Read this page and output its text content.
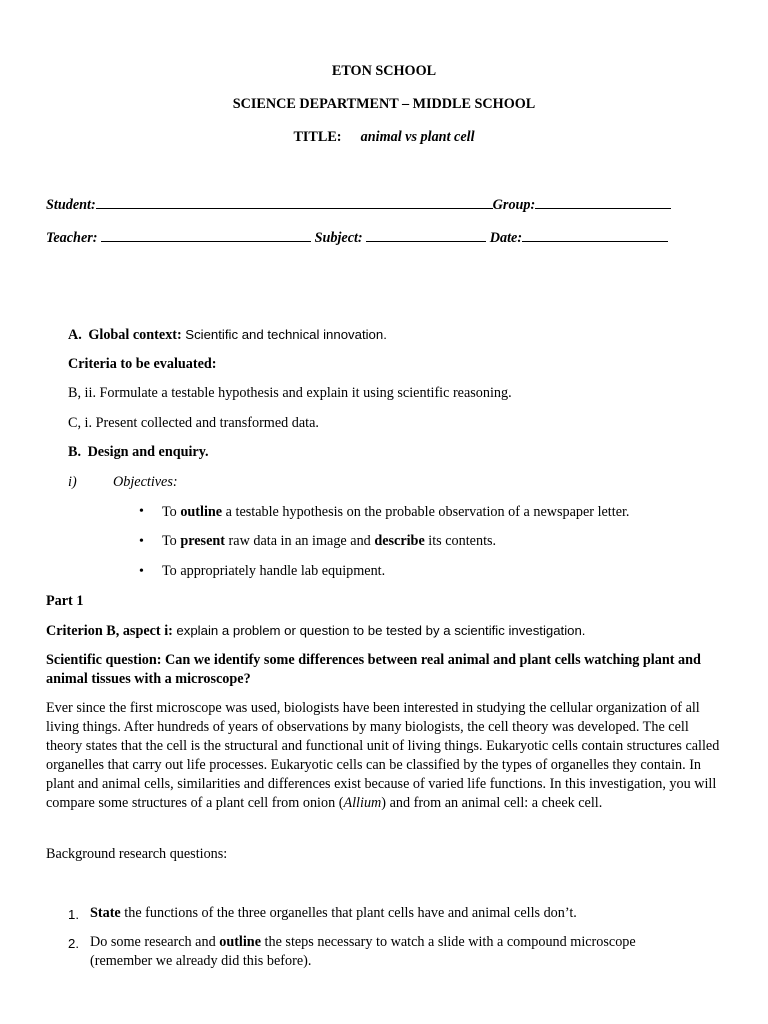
ETON SCHOOL
SCIENCE DEPARTMENT – MIDDLE SCHOOL
TITLE: animal vs plant cell
Student:	Group:
Teacher:	Subject:	Date:
A. Global context: Scientific and technical innovation.
Criteria to be evaluated:
B, ii. Formulate a testable hypothesis and explain it using scientific reasoning.
C, i. Present collected and transformed data.
B. Design and enquiry.
i)	Objectives:
• To outline a testable hypothesis on the probable observation of a newspaper letter.
• To present raw data in an image and describe its contents.
• To appropriately handle lab equipment.
Part 1
Criterion B, aspect i: explain a problem or question to be tested by a scientific investigation.
Scientific question: Can we identify some differences between real animal and plant cells watching plant and animal tissues with a microscope?
Ever since the first microscope was used, biologists have been interested in studying the cellular organization of all living things. After hundreds of years of observations by many biologists, the cell theory was developed. The cell theory states that the cell is the structural and functional unit of living things. Eukaryotic cells contain structures called organelles that carry out life processes. Eukaryotic cells can be classified by the types of organelles they contain. In plant and animal cells, similarities and differences exist because of varied life functions. In this investigation, you will compare some structures of a plant cell from onion (Allium) and from an animal cell: a cheek cell.
Background research questions:
1. State the functions of the three organelles that plant cells have and animal cells don’t.
2. Do some research and outline the steps necessary to watch a slide with a compound microscope (remember we already did this before).
